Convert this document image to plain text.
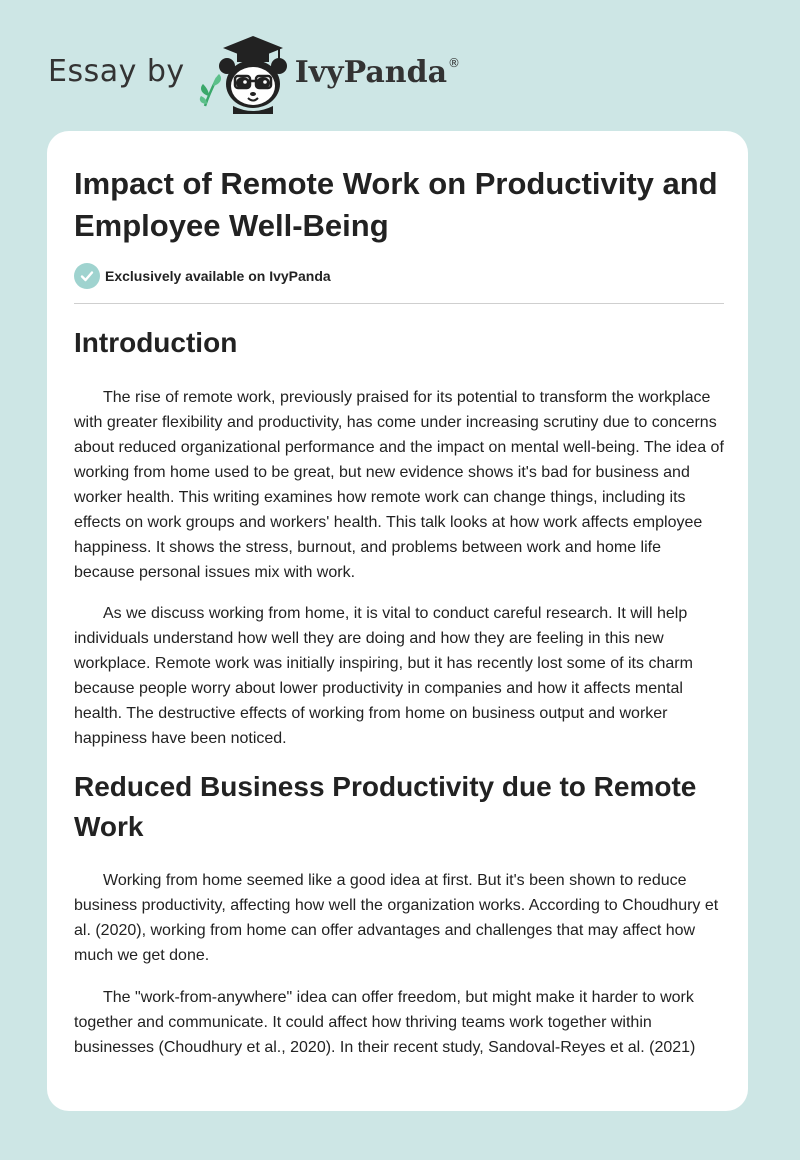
Essay by	IvyPanda ®
Impact of Remote Work on Productivity and Employee Well-Being
Exclusively available on IvyPanda
Introduction

The rise of remote work, previously praised for its potential to transform the workplace with greater flexibility and productivity, has come under increasing scrutiny due to concerns about reduced organizational performance and the impact on mental well-being. The idea of working from home used to be great, but new evidence shows it's bad for business and worker health. This writing examines how remote work can change things, including its effects on work groups and workers' health. This talk looks at how work affects employee happiness. It shows the stress, burnout, and problems between work and home life because personal issues mix with work.

As we discuss working from home, it is vital to conduct careful research. It will help individuals understand how well they are doing and how they are feeling in this new workplace. Remote work was initially inspiring, but it has recently lost some of its charm because people worry about lower productivity in companies and how it affects mental health. The destructive effects of working from home on business output and worker happiness have been noticed.

Reduced Business Productivity due to Remote Work

Working from home seemed like a good idea at first. But it's been shown to reduce business productivity, affecting how well the organization works. According to Choudhury et al. (2020), working from home can offer advantages and challenges that may affect how much we get done.

The "work-from-anywhere" idea can offer freedom, but might make it harder to work together and communicate. It could affect how thriving teams work together within businesses (Choudhury et al., 2020). In their recent study, Sandoval-Reyes et al. (2021)
